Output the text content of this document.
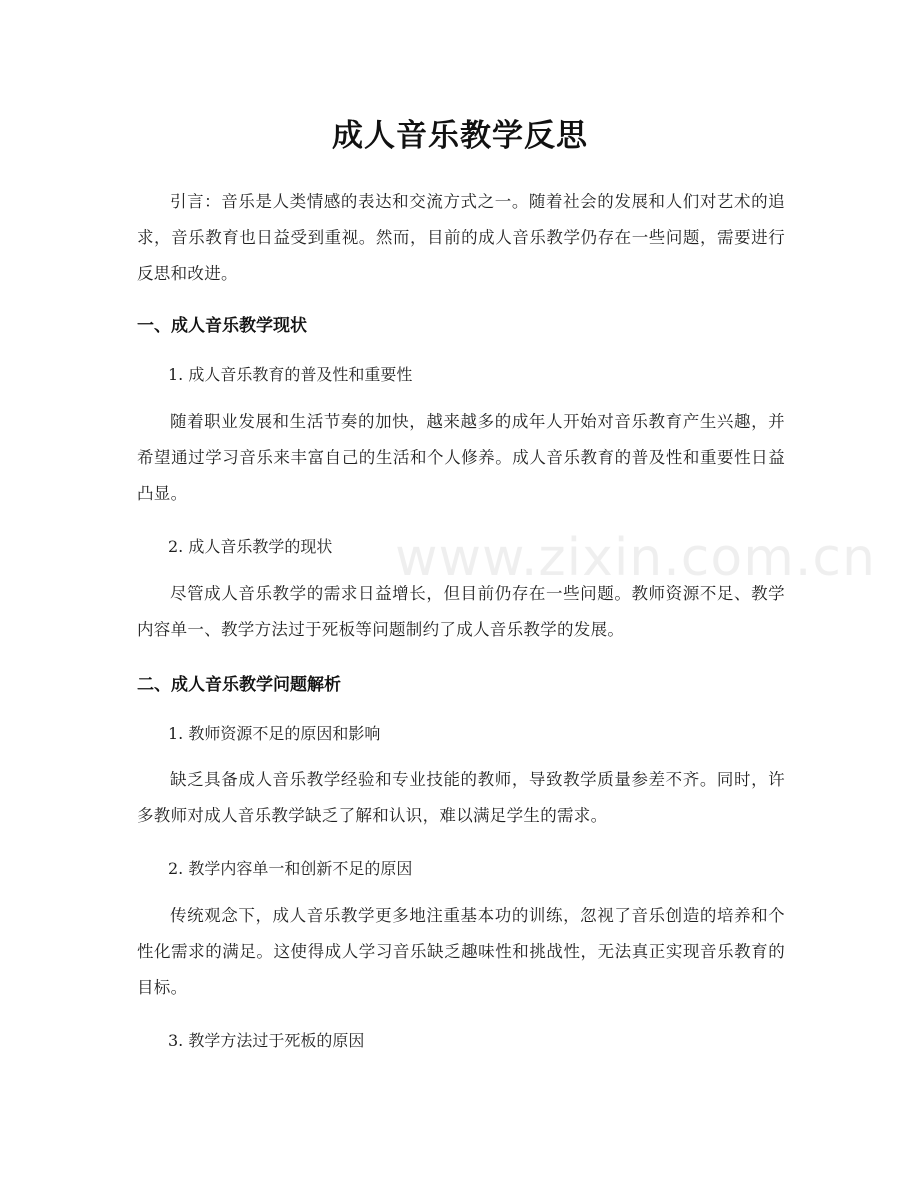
www.zixin.com.cn
成人音乐教学反思
引言：音乐是人类情感的表达和交流方式之一。随着社会的发展和人们对艺术的追求，音乐教育也日益受到重视。然而，目前的成人音乐教学仍存在一些问题，需要进行反思和改进。
一、成人音乐教学现状
1. 成人音乐教育的普及性和重要性
随着职业发展和生活节奏的加快，越来越多的成年人开始对音乐教育产生兴趣，并希望通过学习音乐来丰富自己的生活和个人修养。成人音乐教育的普及性和重要性日益凸显。
2. 成人音乐教学的现状
尽管成人音乐教学的需求日益增长，但目前仍存在一些问题。教师资源不足、教学内容单一、教学方法过于死板等问题制约了成人音乐教学的发展。
二、成人音乐教学问题解析
1. 教师资源不足的原因和影响
缺乏具备成人音乐教学经验和专业技能的教师，导致教学质量参差不齐。同时，许多教师对成人音乐教学缺乏了解和认识，难以满足学生的需求。
2. 教学内容单一和创新不足的原因
传统观念下，成人音乐教学更多地注重基本功的训练，忽视了音乐创造的培养和个性化需求的满足。这使得成人学习音乐缺乏趣味性和挑战性，无法真正实现音乐教育的目标。
3. 教学方法过于死板的原因
